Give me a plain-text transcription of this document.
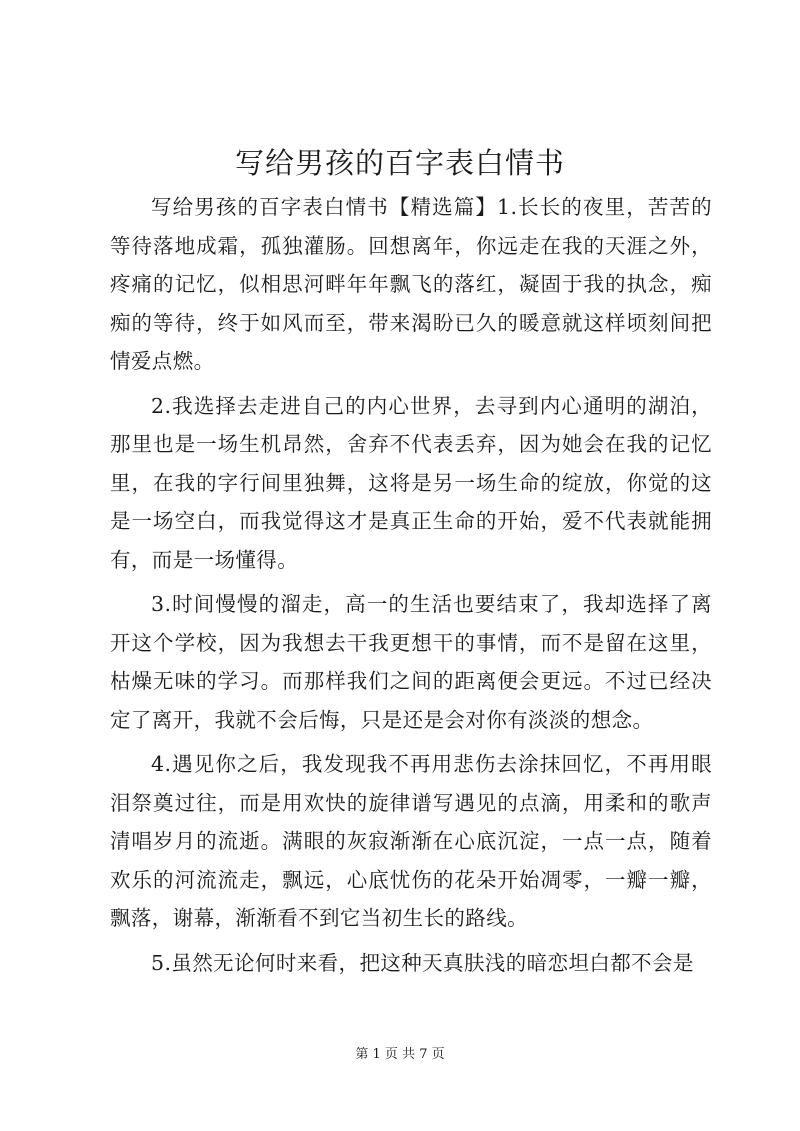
写给男孩的百字表白情书

写给男孩的百字表白情书【精选篇】1.长长的夜里，苦苦的等待落地成霜，孤独灌肠。回想离年，你远走在我的天涯之外，疼痛的记忆，似相思河畔年年飘飞的落红，凝固于我的执念，痴痴的等待，终于如风而至，带来渴盼已久的暖意就这样顷刻间把情爱点燃。

2.我选择去走进自己的内心世界，去寻到内心通明的湖泊，那里也是一场生机昂然，舍弃不代表丢弃，因为她会在我的记忆里，在我的字行间里独舞，这将是另一场生命的绽放，你觉的这是一场空白，而我觉得这才是真正生命的开始，爱不代表就能拥有，而是一场懂得。

3.时间慢慢的溜走，高一的生活也要结束了，我却选择了离开这个学校，因为我想去干我更想干的事情，而不是留在这里，枯燥无味的学习。而那样我们之间的距离便会更远。不过已经决定了离开，我就不会后悔，只是还是会对你有淡淡的想念。

4.遇见你之后，我发现我不再用悲伤去涂抹回忆，不再用眼泪祭奠过往，而是用欢快的旋律谱写遇见的点滴，用柔和的歌声清唱岁月的流逝。满眼的灰寂渐渐在心底沉淀，一点一点，随着欢乐的河流流走，飘远，心底忧伤的花朵开始凋零，一瓣一瓣，飘落，谢幕，渐渐看不到它当初生长的路线。

5.虽然无论何时来看，把这种天真肤浅的暗恋坦白都不会是

第 1 页 共 7 页
